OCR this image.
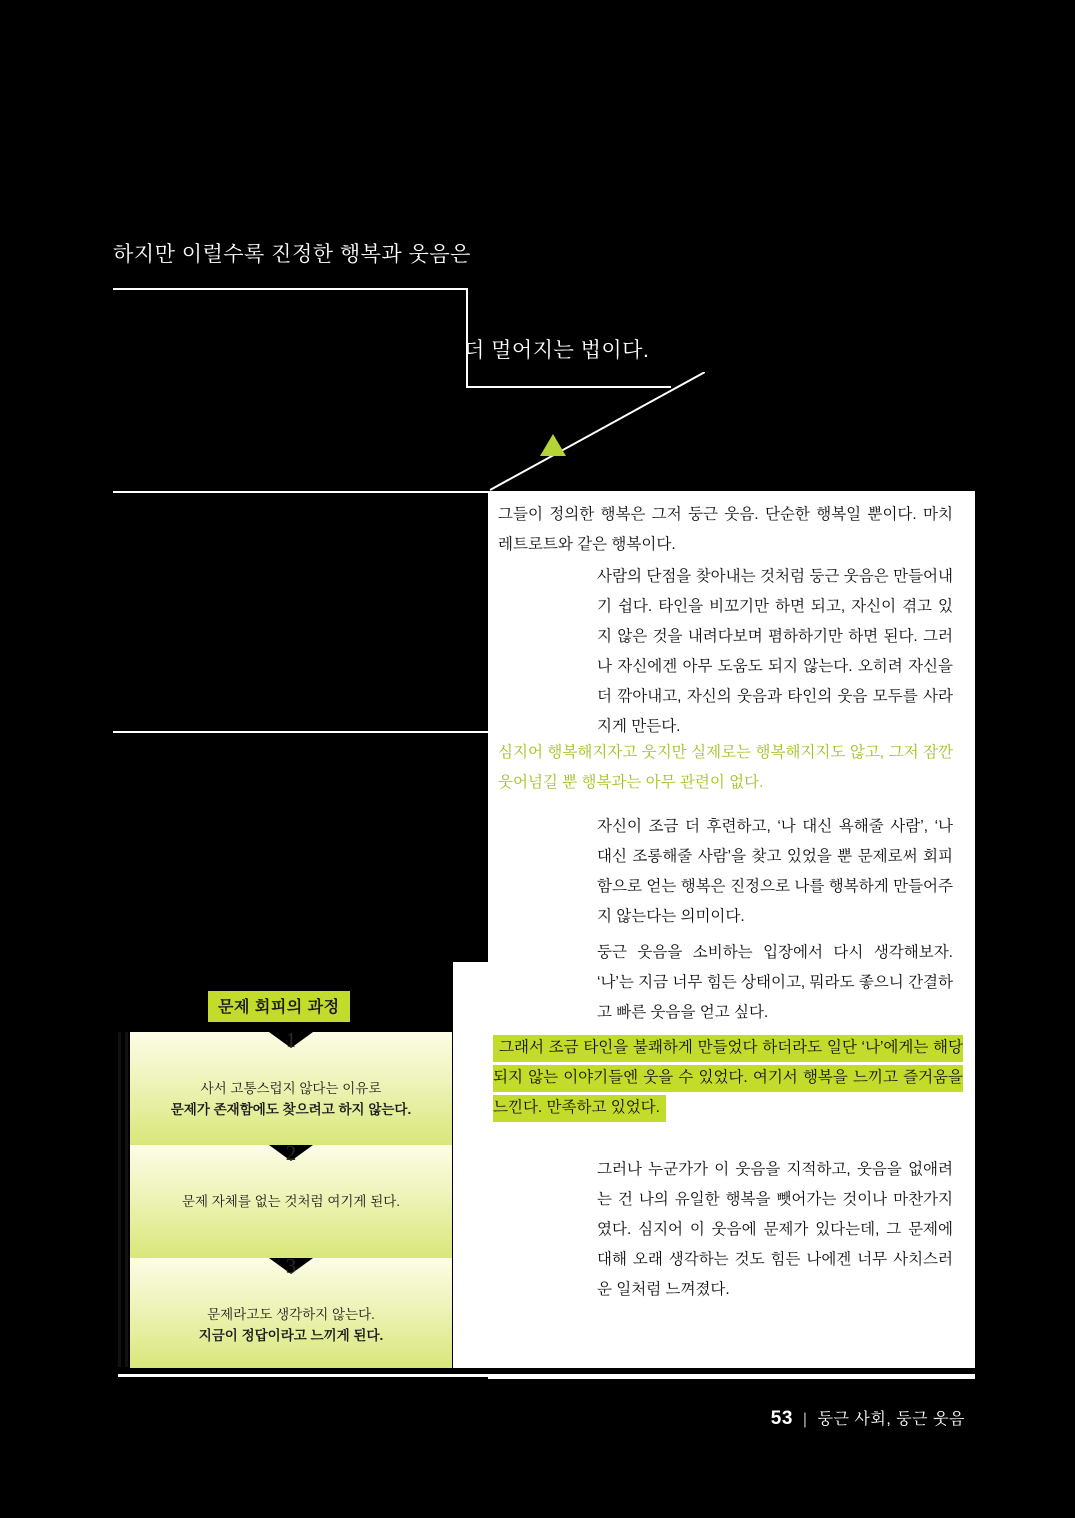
하지만 이럴수록 진정한 행복과 웃음은
더 멀어지는 법이다.
그들이 정의한 행복은 그저 둥근 웃음. 단순한 행복일 뿐이다. 마치 레트로트와 같은 행복이다.
사람의 단점을 찾아내는 것처럼 둥근 웃음은 만들어내기 쉽다. 타인을 비꼬기만 하면 되고, 자신이 겪고 있지 않은 것을 내려다보며 폄하하기만 하면 된다. 그러나 자신에겐 아무 도움도 되지 않는다. 오히려 자신을 더 깎아내고, 자신의 웃음과 타인의 웃음 모두를 사라지게 만든다.
심지어 행복해지자고 웃지만 실제로는 행복해지지도 않고, 그저 잠깐 웃어넘길 뿐 행복과는 아무 관련이 없다.
자신이 조금 더 후련하고, ‘나 대신 욕해줄 사람’, ‘나 대신 조롱해줄 사람’을 찾고 있었을 뿐 문제로써 회피함으로 얻는 행복은 진정으로 나를 행복하게 만들어주지 않는다는 의미이다.
둥근 웃음을 소비하는 입장에서 다시 생각해보자. ‘나’는 지금 너무 힘든 상태이고, 뭐라도 좋으니 간결하고 빠른 웃음을 얻고 싶다.
그래서 조금 타인을 불쾌하게 만들었다 하더라도 일단 ‘나’에게는 해당되지 않는 이야기들엔 웃을 수 있었다. 여기서 행복을 느끼고 즐거움을 느낀다. 만족하고 있었다.
그러나 누군가가 이 웃음을 지적하고, 웃음을 없애려는 건 나의 유일한 행복을 뺏어가는 것이나 마찬가지였다. 심지어 이 웃음에 문제가 있다는데, 그 문제에 대해 오래 생각하는 것도 힘든 나에겐 너무 사치스러운 일처럼 느껴졌다.
문제 회피의 과정
1
사서 고통스럽지 않다는 이유로
문제가 존재함에도 찾으려고 하지 않는다.
2
문제 자체를 없는 것처럼 여기게 된다.
3
문제라고도 생각하지 않는다.
지금이 정답이라고 느끼게 된다.
53 | 둥근 사회, 둥근 웃음
